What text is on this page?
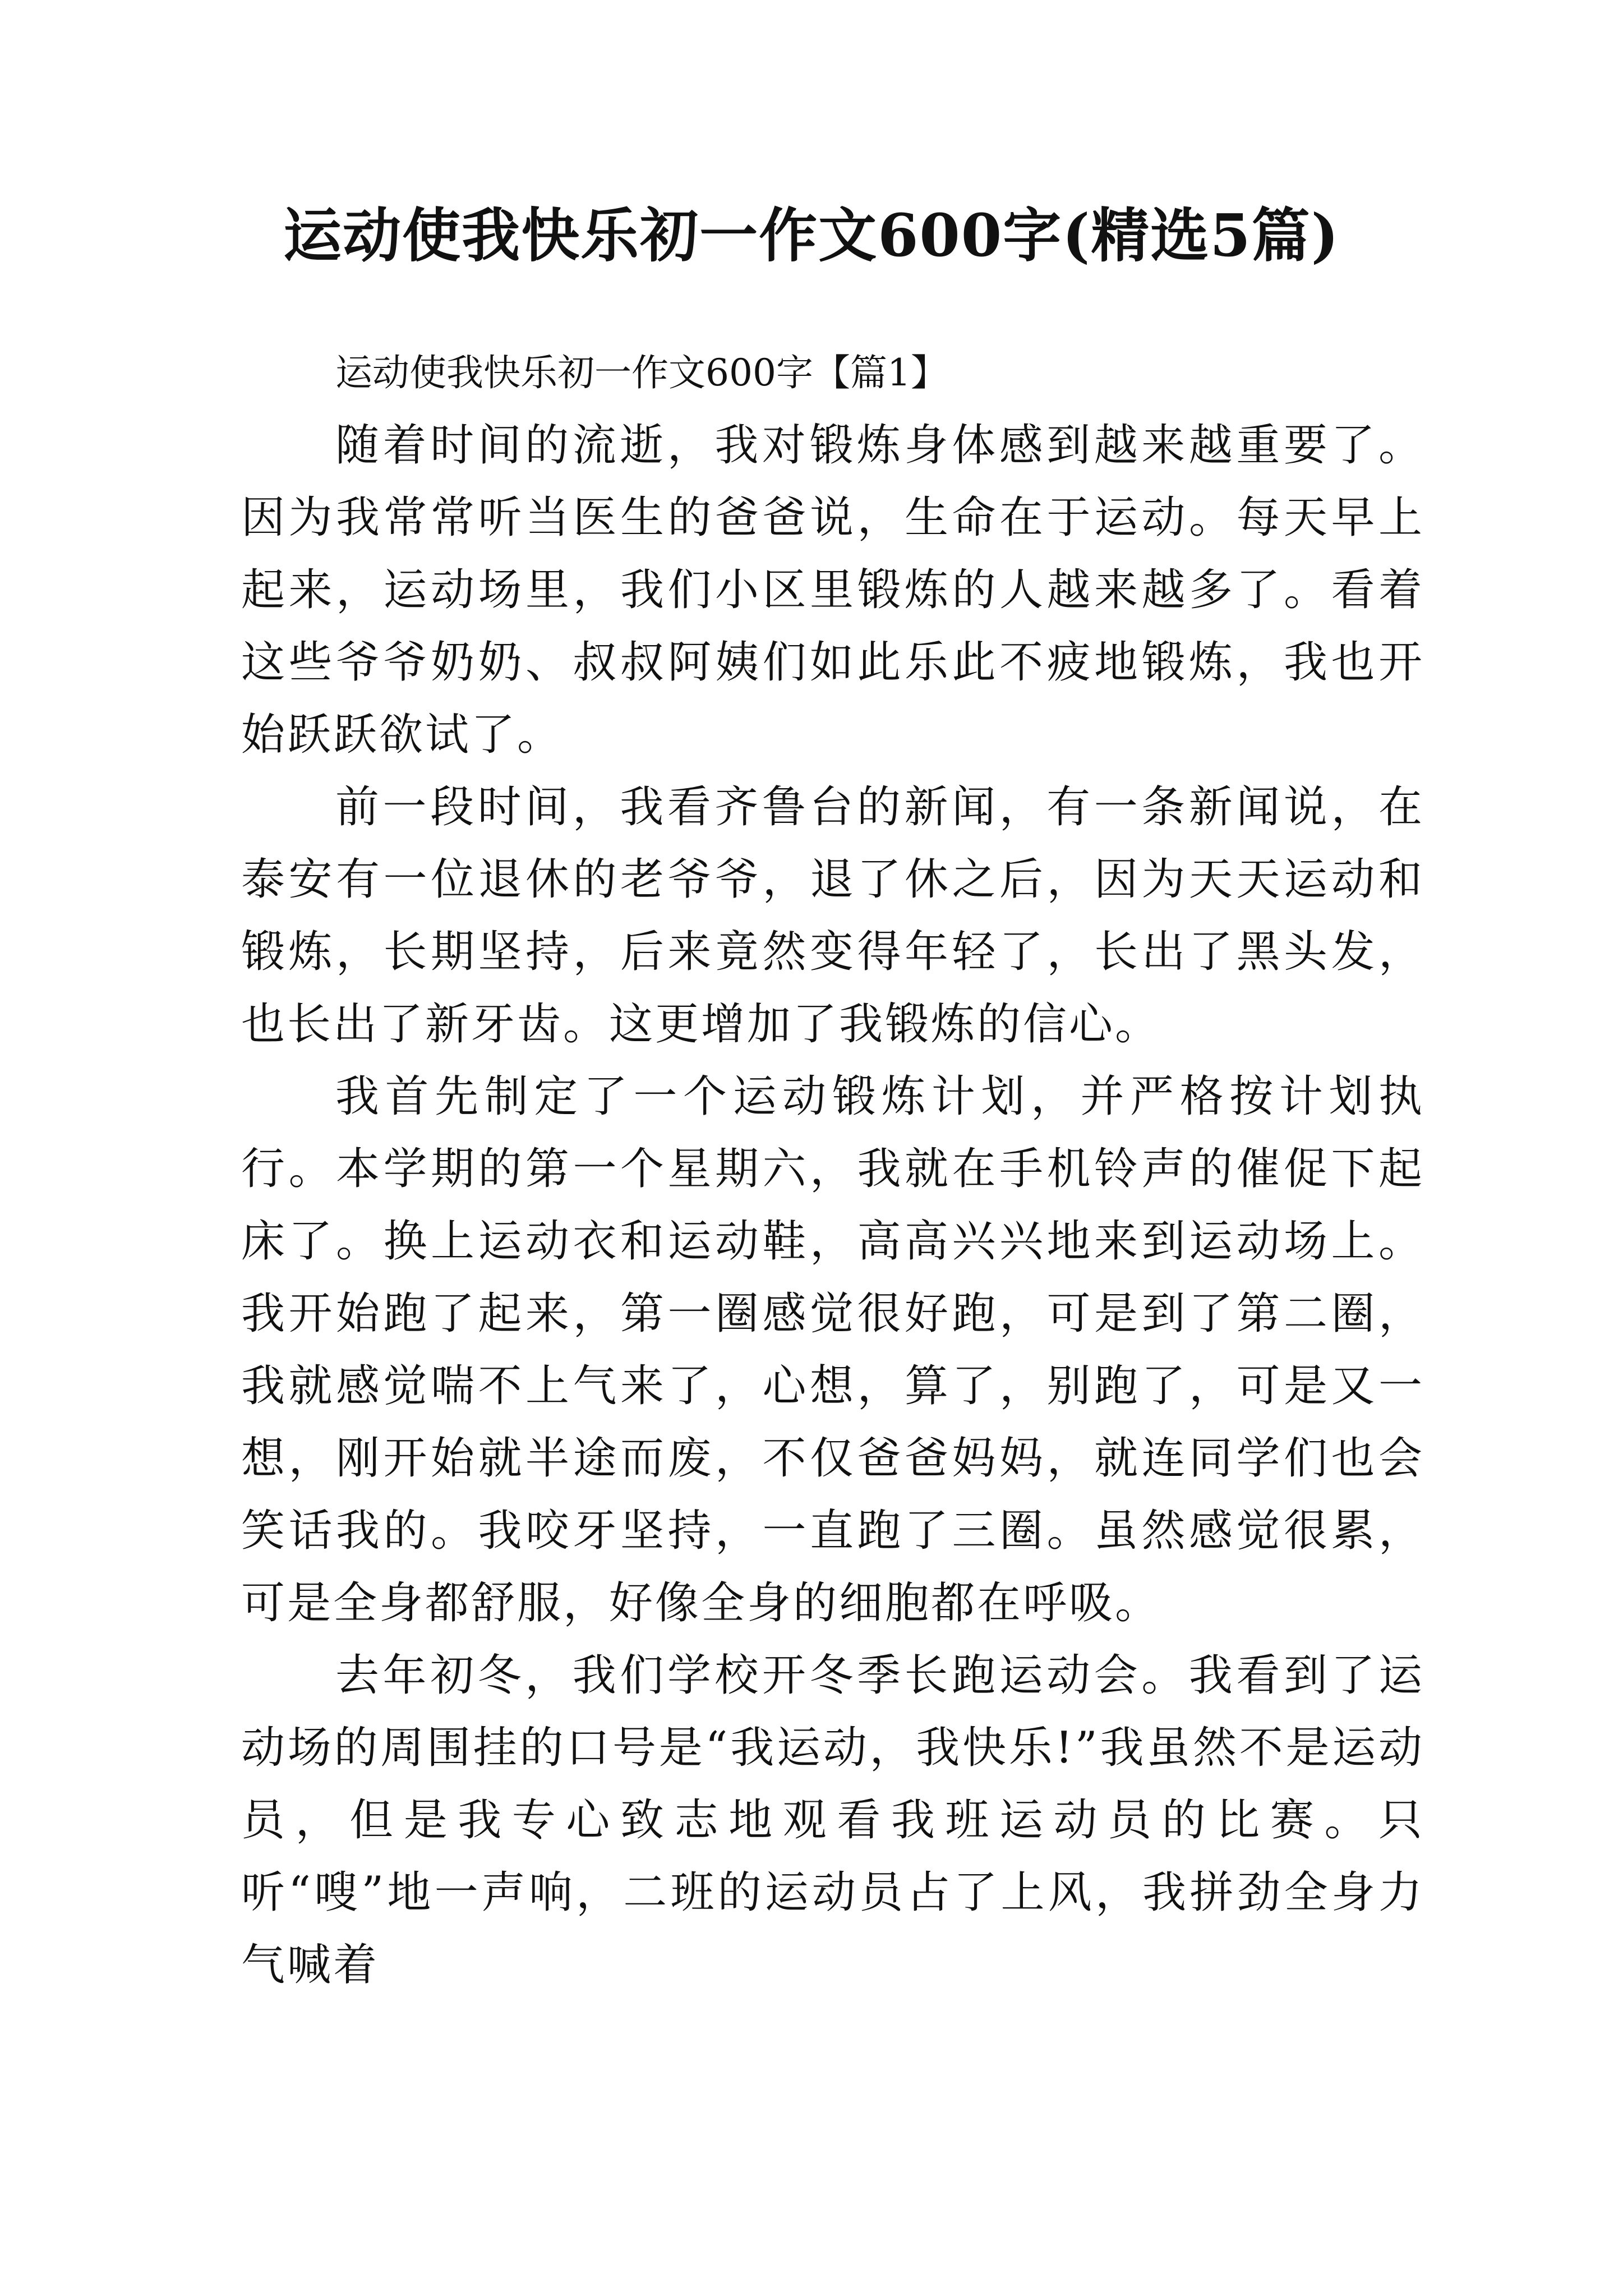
运动使我快乐初一作文600字(精选5篇)

运动使我快乐初一作文600字【篇1】

随着时间的流逝，我对锻炼身体感到越来越重要了。因为我常常听当医生的爸爸说，生命在于运动。每天早上起来，运动场里，我们小区里锻炼的人越来越多了。看着这些爷爷奶奶、叔叔阿姨们如此乐此不疲地锻炼，我也开始跃跃欲试了。

前一段时间，我看齐鲁台的新闻，有一条新闻说，在泰安有一位退休的老爷爷，退了休之后，因为天天运动和锻炼，长期坚持，后来竟然变得年轻了，长出了黑头发，也长出了新牙齿。这更增加了我锻炼的信心。

我首先制定了一个运动锻炼计划，并严格按计划执行。本学期的第一个星期六，我就在手机铃声的催促下起床了。换上运动衣和运动鞋，高高兴兴地来到运动场上。我开始跑了起来，第一圈感觉很好跑，可是到了第二圈，我就感觉喘不上气来了，心想，算了，别跑了，可是又一想，刚开始就半途而废，不仅爸爸妈妈，就连同学们也会笑话我的。我咬牙坚持，一直跑了三圈。虽然感觉很累，可是全身都舒服，好像全身的细胞都在呼吸。

去年初冬，我们学校开冬季长跑运动会。我看到了运动场的周围挂的口号是“我运动，我快乐!”我虽然不是运动员，但是我专心致志地观看我班运动员的比赛。只听“嗖”地一声响，二班的运动员占了上风，我拼劲全身力气喊着
